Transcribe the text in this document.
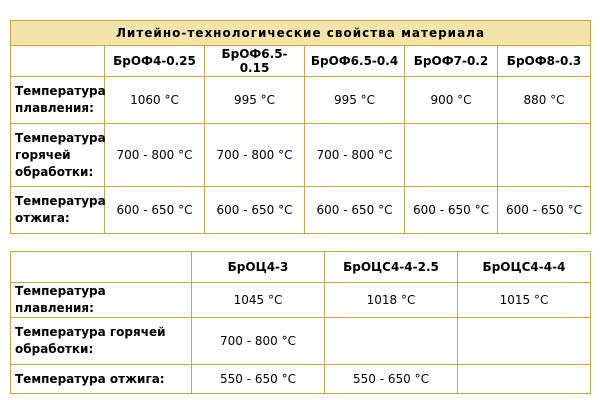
Литейно-технологические свойства материала					
	БрОФ4-0.25	БрОФ6.5-0.15	БрОФ6.5-0.4	БрОФ7-0.2	БрОФ8-0.3
Температура
плавления:	1060 °C	995 °C	995 °C	900 °C	880 °C
Температура
горячей
обработки:	700 - 800 °C	700 - 800 °C	700 - 800 °C		
Температура
отжига:	600 - 650 °C	600 - 650 °C	600 - 650 °C	600 - 650 °C	600 - 650 °C
	БрОЦ4-3	БрОЦС4-4-2.5	БрОЦС4-4-4
Температура плавления:	1045 °C	1018 °C	1015 °C
Температура горячей
обработки:	700 - 800 °C		
Температура отжига:	550 - 650 °C	550 - 650 °C	
